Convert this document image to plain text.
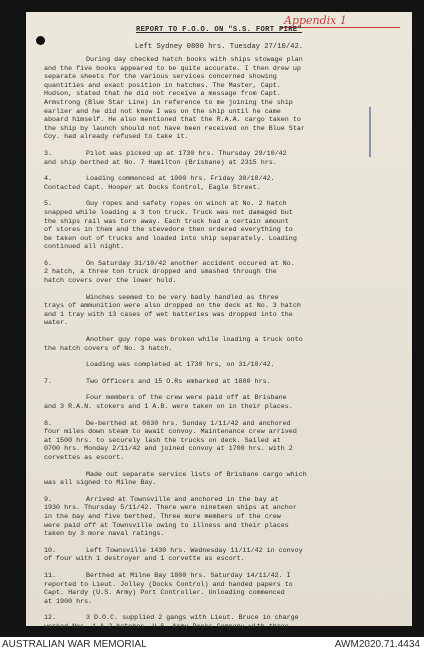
Appendix 1
REPORT TO F.O.O. ON "S.S. FORT PIRE"
Left Sydney 0800 hrs. Tuesday 27/10/42.
During day checked hatch books with ships stowage plan
and the five books appeared to be quite accurate. I then drew up
separate sheets for the various services concerned showing
quantities and exact position in hatches. The Master, Capt.
Hudson, stated that he did not receive a message from Capt.
Armstrong (Blue Star Line) in reference to me joining the ship
earlier and he did not know I was on the ship until he came
aboard himself. He also mentioned that the R.A.A. cargo taken to
the ship by launch should not have been received on the Blue Star
Coy. had already refused to take it.
3.	Pilot was picked up at 1730 hrs. Thursday 29/10/42
and ship berthed at No. 7 Hamilton (Brisbane) at 2315 hrs.
4.	Loading commenced at 1000 hrs. Friday 30/10/42.
Contacted Capt. Hooper at Docks Control, Eagle Street.
5.	Guy ropes and safety ropes on winch at No. 2 hatch
snapped while loading a 3 ton truck. Truck was not damaged but
the ships rail was torn away. Each truck had a certain amount
of stores in them and the stevedore then ordered everything to
be taken out of trucks and loaded into ship separately. Loading
continued all night.
6.	On Saturday 31/10/42 another accident occured at No.
2 hatch, a three ton truck dropped and smashed through the
hatch covers over the lower hold.
Winches seemed to be very badly handled as three
trays of ammunition were also dropped on the deck at No. 3 hatch
and 1 tray with 13 cases of wet batteries was dropped into the
water.
Another guy rope was broken while loading a truck onto
the hatch covers of No. 3 hatch.
Loading was completed at 1730 hrs, on 31/10/42.
7.	Two Officers and 15 O.Rs embarked at 1800 hrs.
Four members of the crew were paid off at Brisbane
and 3 R.A.N. stokers and 1 A.B. were taken on in their places.
8.	De-berthed at 0630 hrs. Sunday 1/11/42 and anchored
four miles down steam to await convoy. Maintenance crew arrived
at 1500 hrs. to securely lash the trucks on deck. Sailed at
0700 hrs. Monday 2/11/42 and joined convoy at 1700 hrs. with 2
corvettes as escort.
Made out separate service lists of Brisbane cargo which
was all signed to Milne Bay.
9.	Arrived at Townsville and anchored in the bay at
1930 hrs. Thursday 5/11/42. There were nineteen ships at anchor
in the bay and five berthed. Three more members of the crew
were paid off at Townsville owing to illness and their places
taken by 3 more naval ratings.
10.	Left Townsville 1430 hrs. Wednesday 11/11/42 in convoy
of four with 1 destroyer and 1 corvette as escort.
11.	Berthed at Milne Bay 1800 hrs. Saturday 14/11/42. I
reported to Lieut. Jolley (Docks Control) and handed papers to
Capt. Hardy (U.S. Army) Port Controller. Unloading commenced
at 1900 hrs.
12.	3 D.O.C. supplied 2 gangs with Lieut. Bruce in charge
worked Nos. 1 & 2 hatches. U.S. Army Docks Company with three
AUSTRALIAN WAR MEMORIAL	AWM2020.71.4434
